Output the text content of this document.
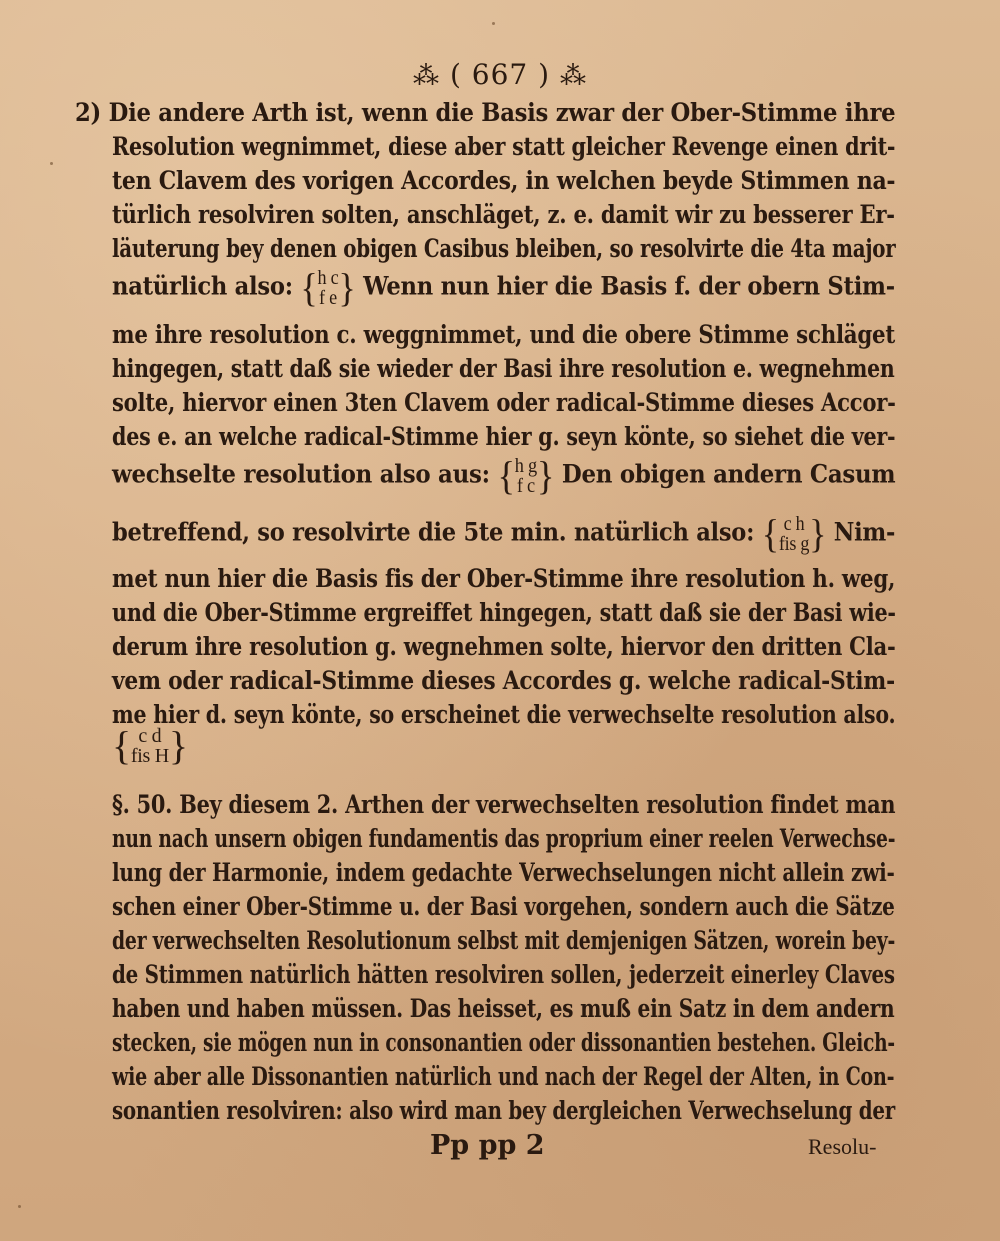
⁂ ( 667 ) ⁂
2) Die andere Arth ist, wenn die Basis zwar der Ober-Stimme ihre
Resolution wegnimmet, diese aber statt gleicher Revenge einen drit-
ten Clavem des vorigen Accordes, in welchen beyde Stimmen na-
türlich resolviren solten, anschläget, z. e. damit wir zu besserer Er-
läuterung bey denen obigen Casibus bleiben, so resolvirte die 4ta major
natürlich also: { h c
f e } Wenn nun hier die Basis f. der obern Stim-
me ihre resolution c. weggnimmet, und die obere Stimme schläget
hingegen, statt daß sie wieder der Basi ihre resolution e. wegnehmen
solte, hiervor einen 3ten Clavem oder radical-Stimme dieses Accor-
des e. an welche radical-Stimme hier g. seyn könte, so siehet die ver-
wechselte resolution also aus: { h g
f c } Den obigen andern Casum
betreffend, so resolvirte die 5te min. natürlich also: { c h
fis g } Nim-
met nun hier die Basis fis der Ober-Stimme ihre resolution h. weg,
und die Ober-Stimme ergreiffet hingegen, statt daß sie der Basi wie-
derum ihre resolution g. wegnehmen solte, hiervor den dritten Cla-
vem oder radical-Stimme dieses Accordes g. welche radical-Stim-
me hier d. seyn könte, so erscheinet die verwechselte resolution also.
{ c d
fis H }
§. 50. Bey diesem 2. Arthen der verwechselten resolution findet man
nun nach unsern obigen fundamentis das proprium einer reelen Verwechse-
lung der Harmonie, indem gedachte Verwechselungen nicht allein zwi-
schen einer Ober-Stimme u. der Basi vorgehen, sondern auch die Sätze
der verwechselten Resolutionum selbst mit demjenigen Sätzen, worein bey-
de Stimmen natürlich hätten resolviren sollen, jederzeit einerley Claves
haben und haben müssen. Das heisset, es muß ein Satz in dem andern
stecken, sie mögen nun in consonantien oder dissonantien bestehen. Gleich-
wie aber alle Dissonantien natürlich und nach der Regel der Alten, in Con-
sonantien resolviren: also wird man bey dergleichen Verwechselung der
Pp pp 2	Resolu-
